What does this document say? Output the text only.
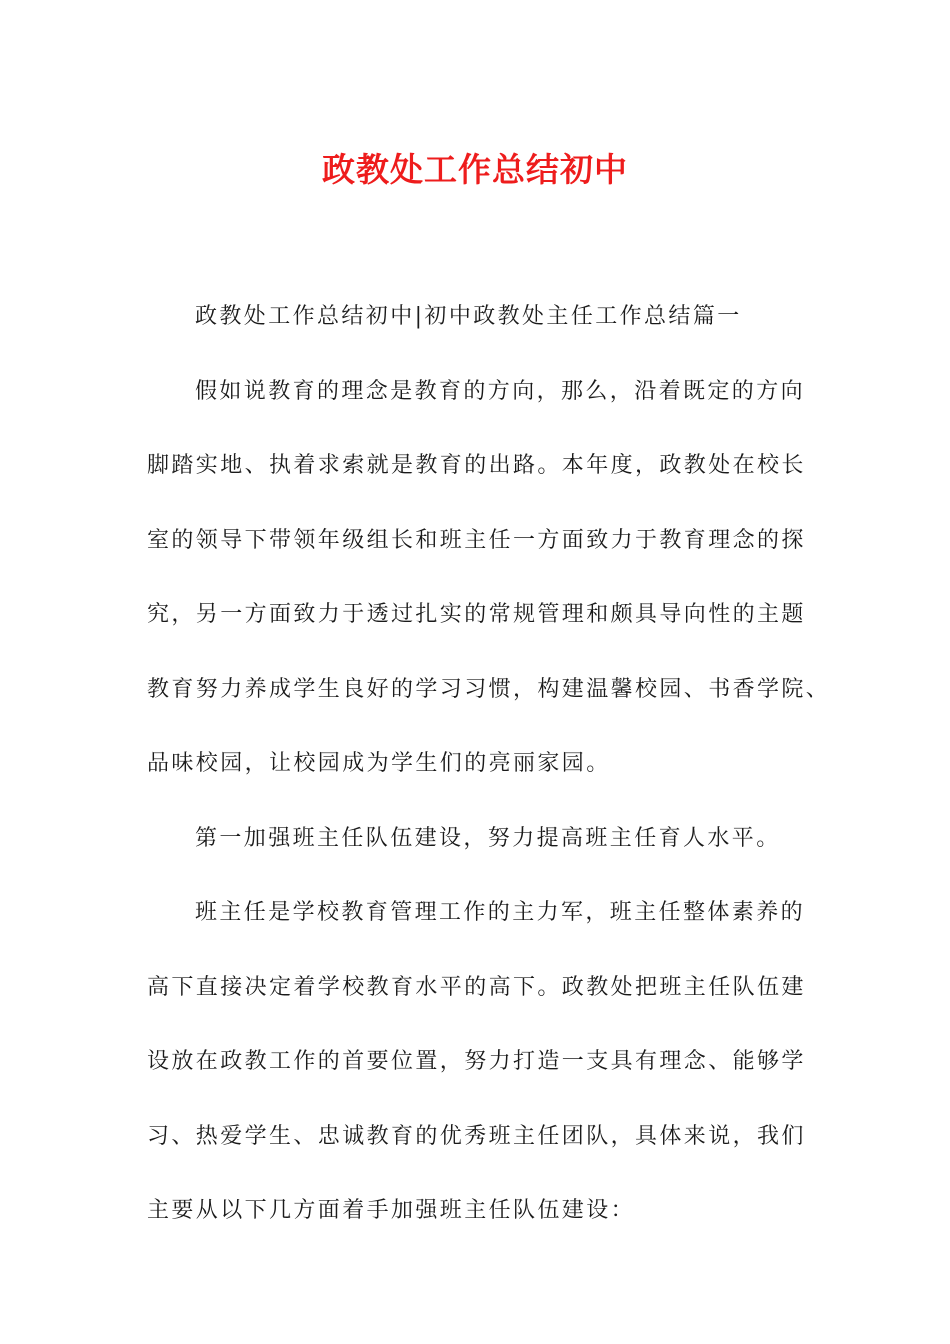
政教处工作总结初中
政教处工作总结初中|初中政教处主任工作总结篇一
假如说教育的理念是教育的方向，那么，沿着既定的方向
脚踏实地、执着求索就是教育的出路。本年度，政教处在校长
室的领导下带领年级组长和班主任一方面致力于教育理念的探
究，另一方面致力于透过扎实的常规管理和颇具导向性的主题
教育努力养成学生良好的学习习惯，构建温馨校园、书香学院、
品味校园，让校园成为学生们的亮丽家园。
第一加强班主任队伍建设，努力提高班主任育人水平。
班主任是学校教育管理工作的主力军，班主任整体素养的
高下直接决定着学校教育水平的高下。政教处把班主任队伍建
设放在政教工作的首要位置，努力打造一支具有理念、能够学
习、热爱学生、忠诚教育的优秀班主任团队，具体来说，我们
主要从以下几方面着手加强班主任队伍建设：
